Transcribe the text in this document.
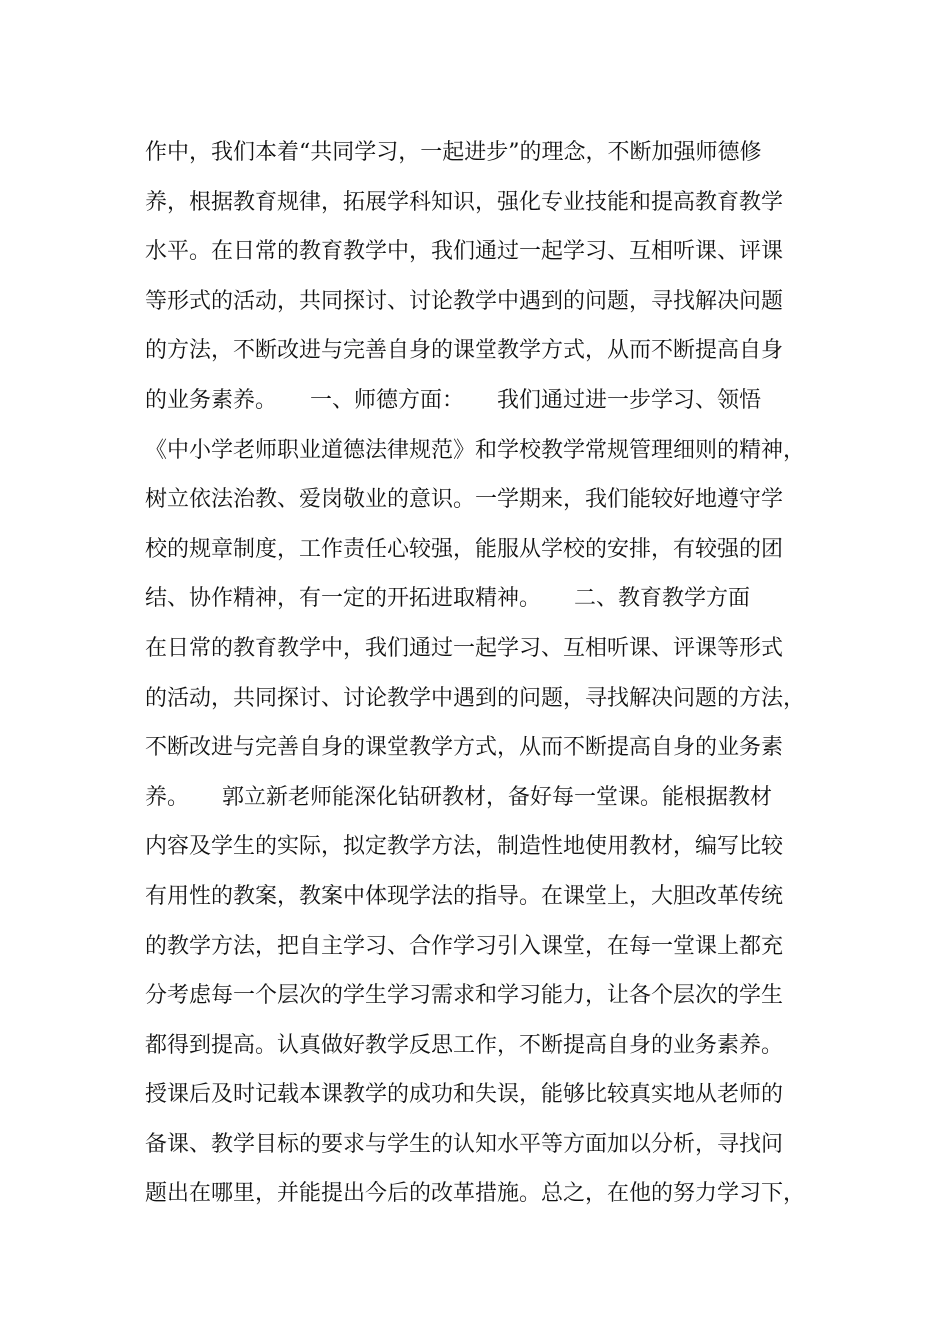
作中，我们本着“共同学习，一起进步”的理念，不断加强师德修
养，根据教育规律，拓展学科知识，强化专业技能和提高教育教学
水平。在日常的教育教学中，我们通过一起学习、互相听课、评课
等形式的活动，共同探讨、讨论教学中遇到的问题，寻找解决问题
的方法，不断改进与完善自身的课堂教学方式，从而不断提高自身
的业务素养。　　一、师德方面：　　我们通过进一步学习、领悟
《中小学老师职业道德法律规范》和学校教学常规管理细则的精神，
树立依法治教、爱岗敬业的意识。一学期来，我们能较好地遵守学
校的规章制度，工作责任心较强，能服从学校的安排，有较强的团
结、协作精神，有一定的开拓进取精神。　　二、教育教学方面
在日常的教育教学中，我们通过一起学习、互相听课、评课等形式
的活动，共同探讨、讨论教学中遇到的问题，寻找解决问题的方法，
不断改进与完善自身的课堂教学方式，从而不断提高自身的业务素
养。　　郭立新老师能深化钻研教材，备好每一堂课。能根据教材
内容及学生的实际，拟定教学方法，制造性地使用教材，编写比较
有用性的教案，教案中体现学法的指导。在课堂上，大胆改革传统
的教学方法，把自主学习、合作学习引入课堂，在每一堂课上都充
分考虑每一个层次的学生学习需求和学习能力，让各个层次的学生
都得到提高。认真做好教学反思工作，不断提高自身的业务素养。
授课后及时记载本课教学的成功和失误，能够比较真实地从老师的
备课、教学目标的要求与学生的认知水平等方面加以分析，寻找问
题出在哪里，并能提出今后的改革措施。总之，在他的努力学习下，
